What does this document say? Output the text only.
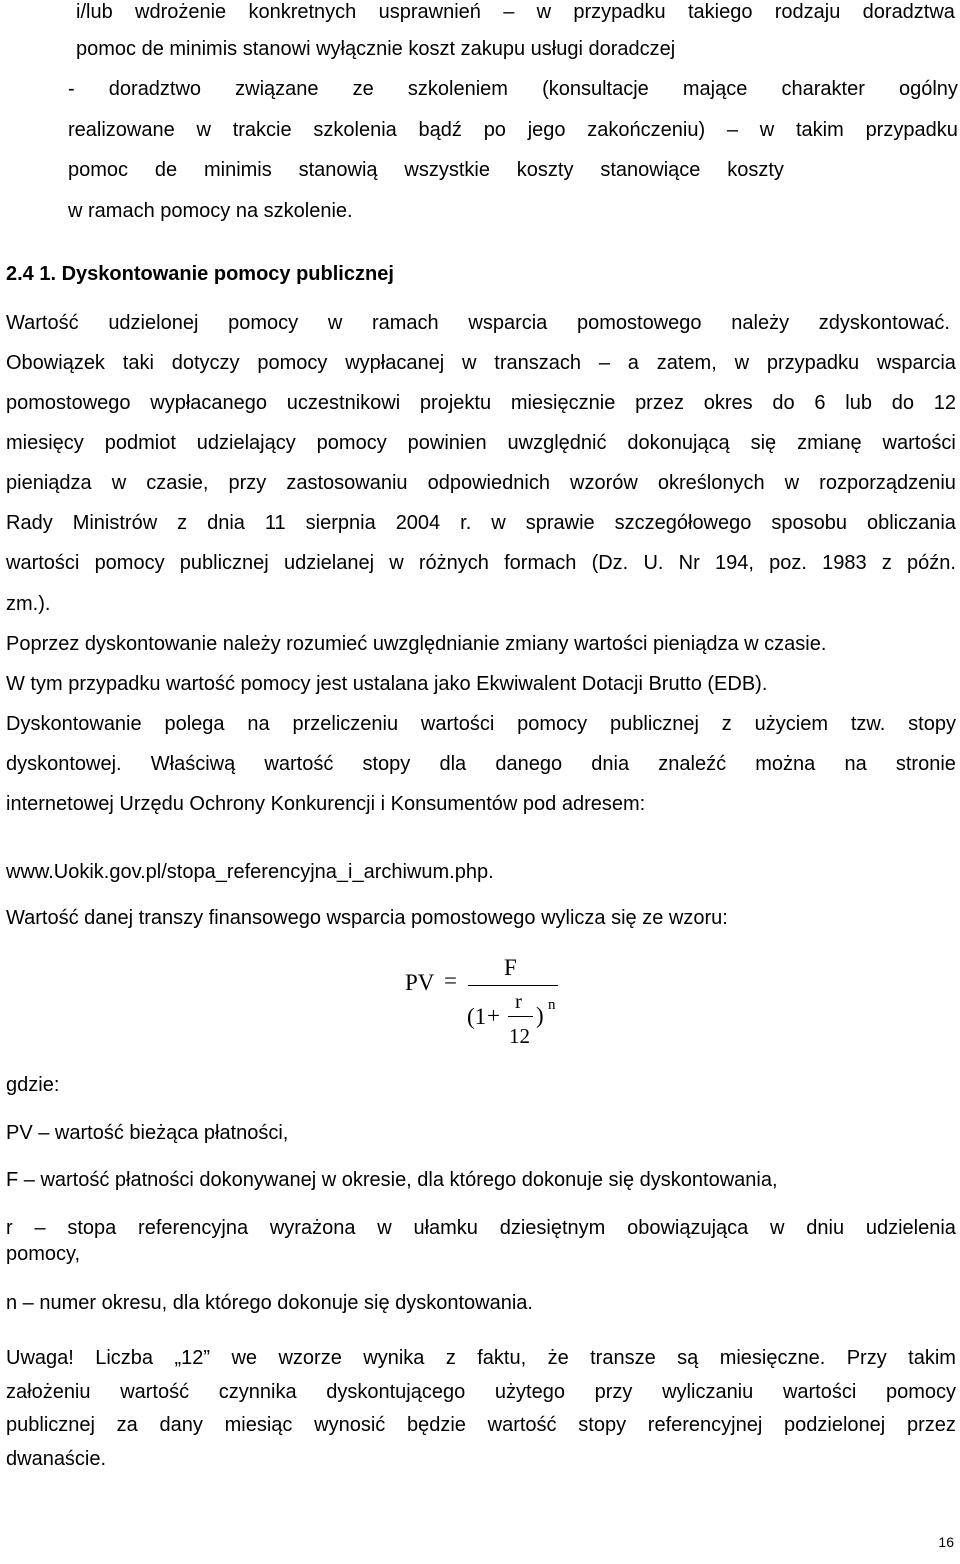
i/lub wdrożenie konkretnych usprawnień – w przypadku takiego rodzaju doradztwa
pomoc de minimis stanowi wyłącznie koszt zakupu usługi doradczej
- doradztwo związane ze szkoleniem (konsultacje mające charakter ogólny
realizowane w trakcie szkolenia bądź po jego zakończeniu) – w takim przypadku
pomoc de minimis stanowią wszystkie koszty stanowiące koszty
w ramach pomocy na szkolenie.
2.4 1. Dyskontowanie pomocy publicznej
Wartość udzielonej pomocy w ramach wsparcia pomostowego należy zdyskontować.
Obowiązek taki dotyczy pomocy wypłacanej w transzach – a zatem, w przypadku wsparcia
pomostowego wypłacanego uczestnikowi projektu miesięcznie przez okres do 6 lub do 12
miesięcy podmiot udzielający pomocy powinien uwzględnić dokonującą się zmianę wartości
pieniądza w czasie, przy zastosowaniu odpowiednich wzorów określonych w rozporządzeniu
Rady Ministrów z dnia 11 sierpnia 2004 r. w sprawie szczegółowego sposobu obliczania
wartości pomocy publicznej udzielanej w różnych formach (Dz. U. Nr 194, poz. 1983 z późn.
zm.).
Poprzez dyskontowanie należy rozumieć uwzględnianie zmiany wartości pieniądza w czasie.
W tym przypadku wartość pomocy jest ustalana jako Ekwiwalent Dotacji Brutto (EDB).
Dyskontowanie polega na przeliczeniu wartości pomocy publicznej z użyciem tzw. stopy
dyskontowej. Właściwą wartość stopy dla danego dnia znaleźć można na stronie
internetowej Urzędu Ochrony Konkurencji i Konsumentów pod adresem:
www.Uokik.gov.pl/stopa_referencyjna_i_archiwum.php.
Wartość danej transzy finansowego wsparcia pomostowego wylicza się ze wzoru:
PV =
F
(1 +
r
12
) n
gdzie:
PV – wartość bieżąca płatności,
F – wartość płatności dokonywanej w okresie, dla którego dokonuje się dyskontowania,
r – stopa referencyjna wyrażona w ułamku dziesiętnym obowiązująca w dniu udzielenia
pomocy,
n – numer okresu, dla którego dokonuje się dyskontowania.
Uwaga! Liczba „12” we wzorze wynika z faktu, że transze są miesięczne. Przy takim
założeniu wartość czynnika dyskontującego użytego przy wyliczaniu wartości pomocy
publicznej za dany miesiąc wynosić będzie wartość stopy referencyjnej podzielonej przez
dwanaście.
16
